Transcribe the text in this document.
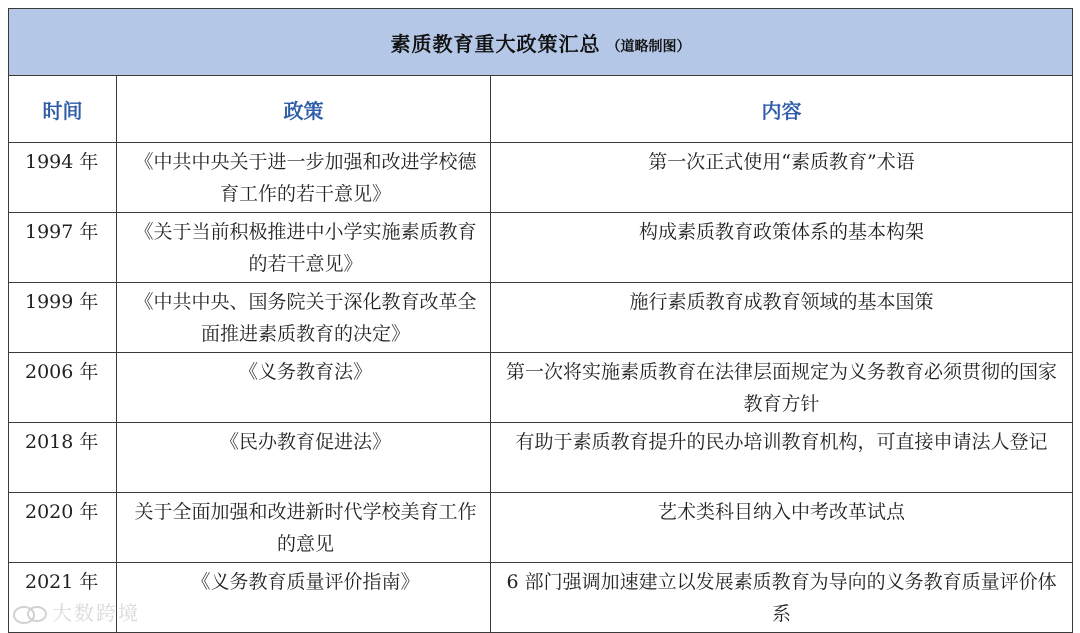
素质教育重大政策汇总 （道略制图）		
时间	政策	内容
1994 年	《中共中央关于进一步加强和改进学校德育工作的若干意见》	第一次正式使用“素质教育”术语
1997 年	《关于当前积极推进中小学实施素质教育的若干意见》	构成素质教育政策体系的基本构架
1999 年	《中共中央、国务院关于深化教育改革全面推进素质教育的决定》	施行素质教育成教育领域的基本国策
2006 年	《义务教育法》	第一次将实施素质教育在法律层面规定为义务教育必须贯彻的国家教育方针
2018 年	《民办教育促进法》	有助于素质教育提升的民办培训教育机构，可直接申请法人登记
2020 年	关于全面加强和改进新时代学校美育工作的意见	艺术类科目纳入中考改革试点
2021 年	《义务教育质量评价指南》	6 部门强调加速建立以发展素质教育为导向的义务教育质量评价体系
大数跨境
